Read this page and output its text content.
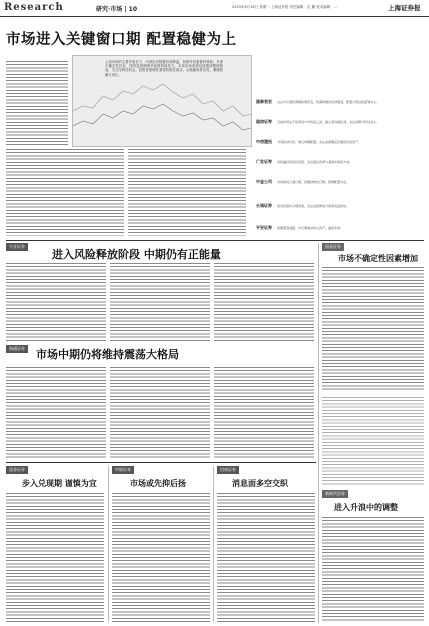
Research	研究·市场 | 10	2019年6月18日 星期二 上海证券报 责任编辑：沈 璐 美术编辑：…	上海证券报
市场进入关键窗口期 配置稳健为上
上周市场的主要矛盾在于，内部经济数据有所降温，但海外因素暂时缓和。外部不确定性仍存，国内逆周期调节政策持续发力。本周市场或将延续震荡整理格局，关注结构性机会。投资者需理性看待阶段性波动，从稳健角度出发，兼顾防御与成长。
国泰君安 关注中长期逆周期政策托底，短期或维持区间震荡，配置以低估值蓝筹为主。
国信证券 当前市场处于政策底与市场底之间，耐心等待催化剂，关注消费与科技龙头。
中信建投 外部扰动仍存，建议均衡配置，关注业绩确定性强的优质资产。
广发证券 风险偏好阶段性回落，关注国企改革与基建补短板方向。
中金公司 市场或进入窗口期，把握结构性行情，稳健配置为宜。
长城证券 流动性保持合理充裕，关注估值修复与政策受益板块。
平安证券 短期震荡加剧，中长期看好核心资产，逢低布局。
兴业证券
进入风险释放阶段 中期仍有正能量
国金证券
市场不确定性因素增加
海通证券 市场中期仍将维持震荡大格局
国金证券
步入兑现期 谨慎为宜
中银证券
市场或先抑后扬
招商证券
消息面多空交织
新时代证券
进入升浪中的调整
